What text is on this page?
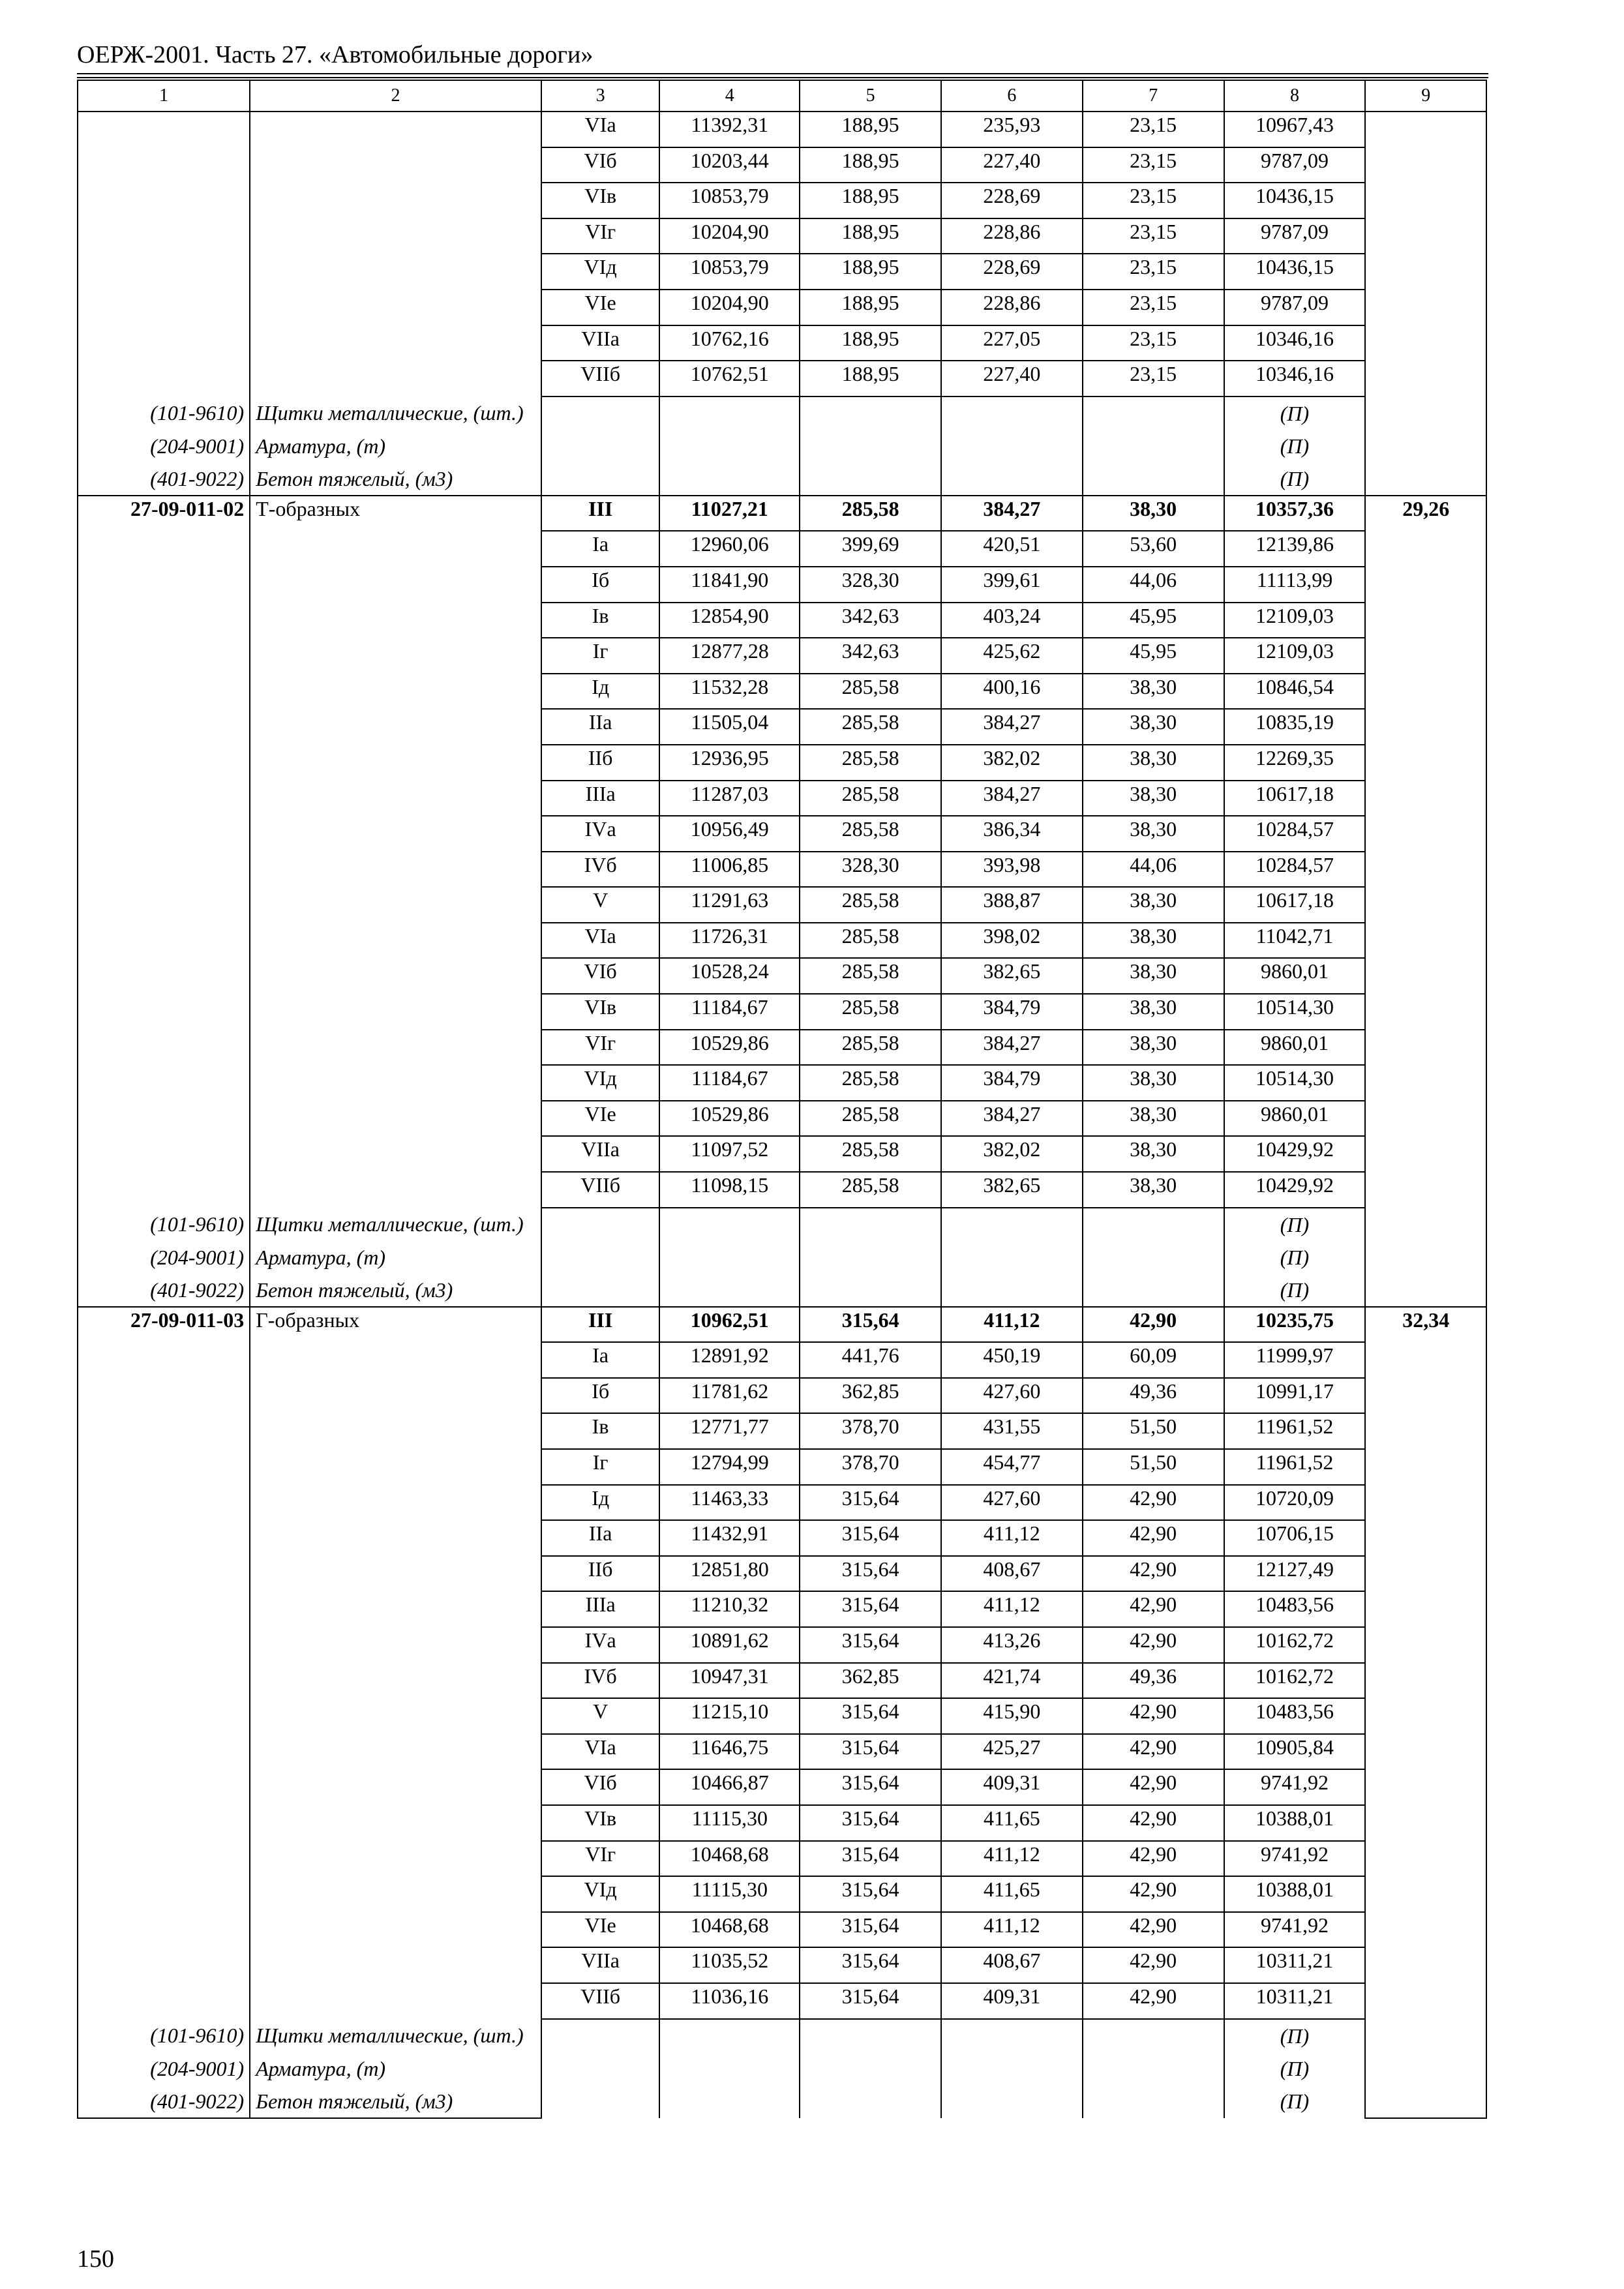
ОЕРЖ-2001. Часть 27. «Автомобильные дороги»
1	2	3	4	5	6	7	8	9
		VIа	11392,31	188,95	235,93	23,15	10967,43	
		VIб	10203,44	188,95	227,40	23,15	9787,09	
		VIв	10853,79	188,95	228,69	23,15	10436,15	
		VIг	10204,90	188,95	228,86	23,15	9787,09	
		VIд	10853,79	188,95	228,69	23,15	10436,15	
		VIе	10204,90	188,95	228,86	23,15	9787,09	
		VIIа	10762,16	188,95	227,05	23,15	10346,16	
		VIIб	10762,51	188,95	227,40	23,15	10346,16	
(101-9610)	Щитки металлические, (шт.)						(П)	
(204-9001)	Арматура, (т)						(П)	
(401-9022)	Бетон тяжелый, (м3)						(П)	
27-09-011-02	Т-образных	III	11027,21	285,58	384,27	38,30	10357,36	29,26
		Iа	12960,06	399,69	420,51	53,60	12139,86	
		Iб	11841,90	328,30	399,61	44,06	11113,99	
		Iв	12854,90	342,63	403,24	45,95	12109,03	
		Iг	12877,28	342,63	425,62	45,95	12109,03	
		Iд	11532,28	285,58	400,16	38,30	10846,54	
		IIа	11505,04	285,58	384,27	38,30	10835,19	
		IIб	12936,95	285,58	382,02	38,30	12269,35	
		IIIа	11287,03	285,58	384,27	38,30	10617,18	
		IVа	10956,49	285,58	386,34	38,30	10284,57	
		IVб	11006,85	328,30	393,98	44,06	10284,57	
		V	11291,63	285,58	388,87	38,30	10617,18	
		VIа	11726,31	285,58	398,02	38,30	11042,71	
		VIб	10528,24	285,58	382,65	38,30	9860,01	
		VIв	11184,67	285,58	384,79	38,30	10514,30	
		VIг	10529,86	285,58	384,27	38,30	9860,01	
		VIд	11184,67	285,58	384,79	38,30	10514,30	
		VIе	10529,86	285,58	384,27	38,30	9860,01	
		VIIа	11097,52	285,58	382,02	38,30	10429,92	
		VIIб	11098,15	285,58	382,65	38,30	10429,92	
(101-9610)	Щитки металлические, (шт.)						(П)	
(204-9001)	Арматура, (т)						(П)	
(401-9022)	Бетон тяжелый, (м3)						(П)	
27-09-011-03	Г-образных	III	10962,51	315,64	411,12	42,90	10235,75	32,34
		Iа	12891,92	441,76	450,19	60,09	11999,97	
		Iб	11781,62	362,85	427,60	49,36	10991,17	
		Iв	12771,77	378,70	431,55	51,50	11961,52	
		Iг	12794,99	378,70	454,77	51,50	11961,52	
		Iд	11463,33	315,64	427,60	42,90	10720,09	
		IIа	11432,91	315,64	411,12	42,90	10706,15	
		IIб	12851,80	315,64	408,67	42,90	12127,49	
		IIIа	11210,32	315,64	411,12	42,90	10483,56	
		IVа	10891,62	315,64	413,26	42,90	10162,72	
		IVб	10947,31	362,85	421,74	49,36	10162,72	
		V	11215,10	315,64	415,90	42,90	10483,56	
		VIа	11646,75	315,64	425,27	42,90	10905,84	
		VIб	10466,87	315,64	409,31	42,90	9741,92	
		VIв	11115,30	315,64	411,65	42,90	10388,01	
		VIг	10468,68	315,64	411,12	42,90	9741,92	
		VIд	11115,30	315,64	411,65	42,90	10388,01	
		VIе	10468,68	315,64	411,12	42,90	9741,92	
		VIIа	11035,52	315,64	408,67	42,90	10311,21	
		VIIб	11036,16	315,64	409,31	42,90	10311,21	
(101-9610)	Щитки металлические, (шт.)						(П)	
(204-9001)	Арматура, (т)						(П)	
(401-9022)	Бетон тяжелый, (м3)						(П)	
150
